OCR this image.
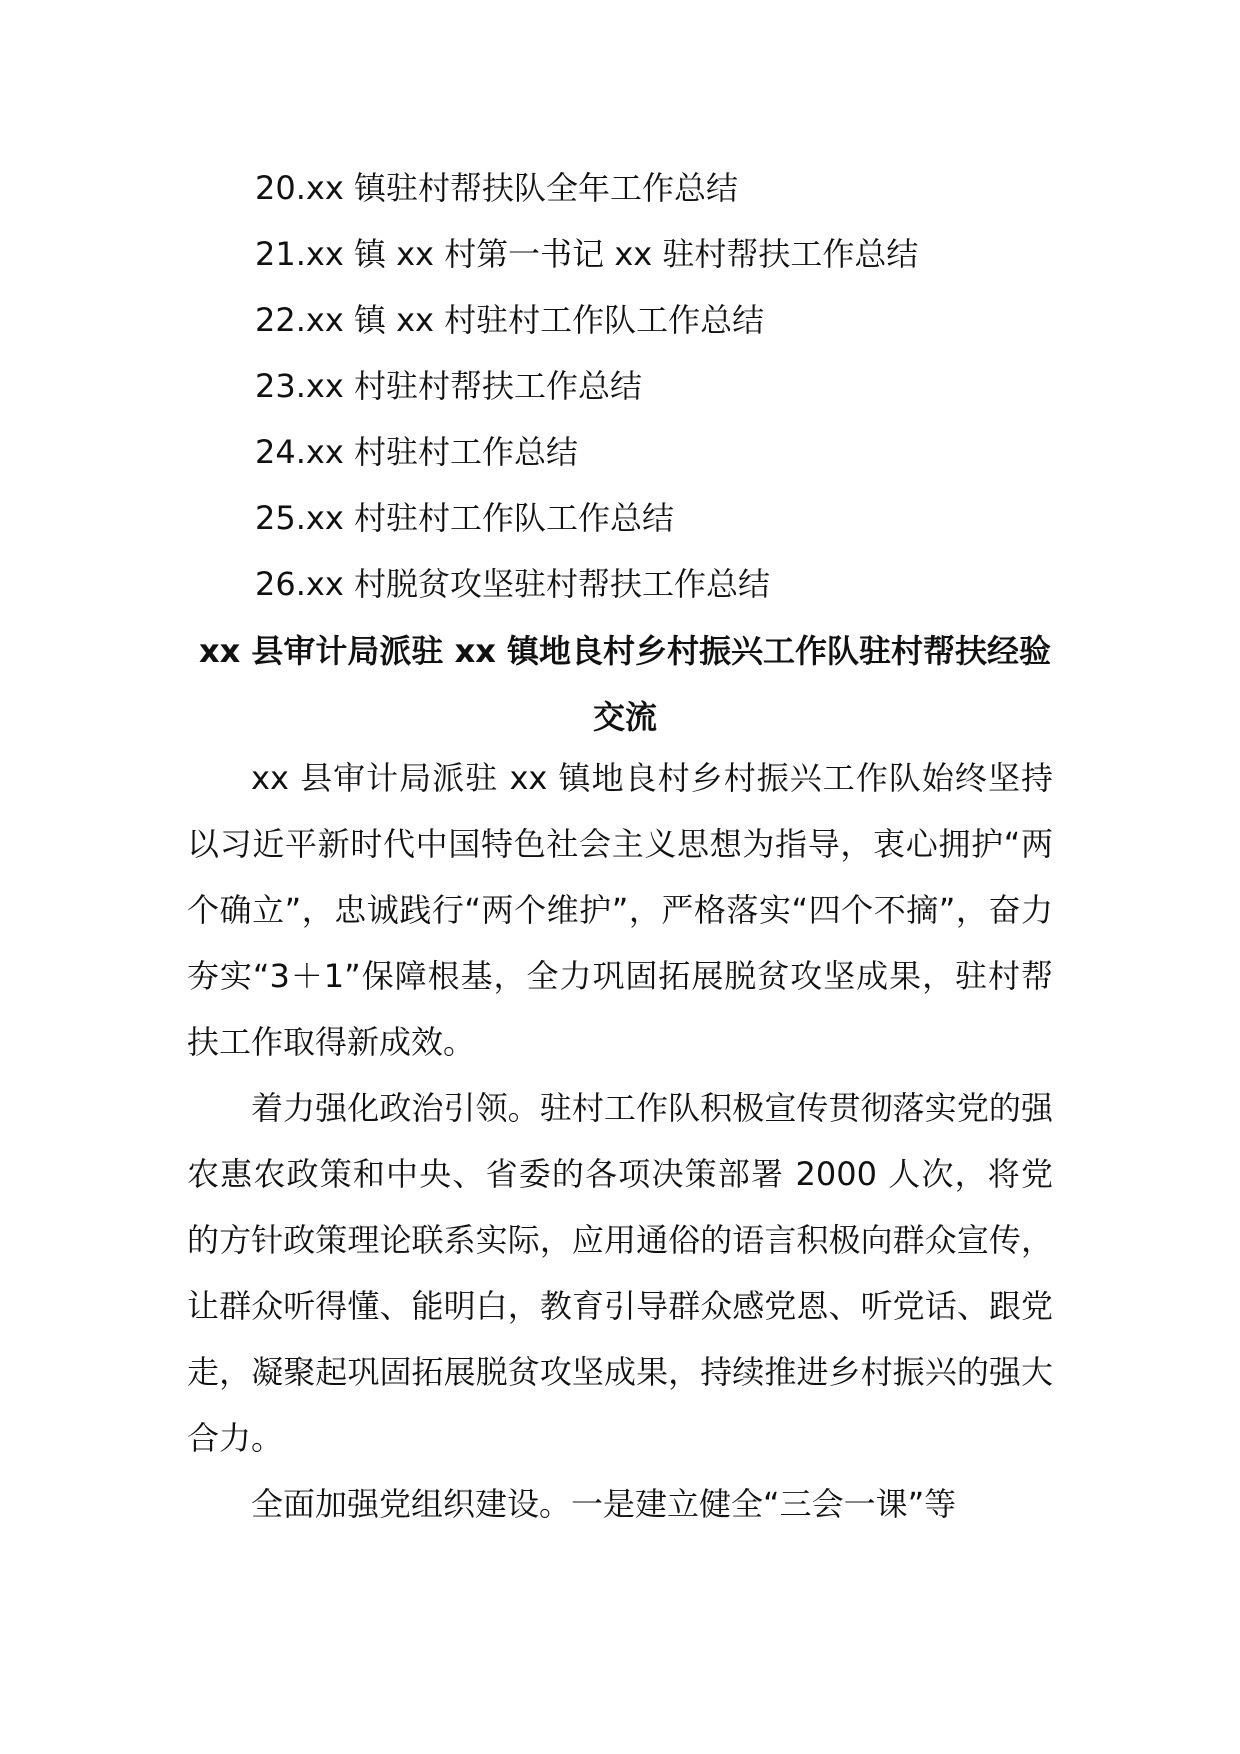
20.xx 镇驻村帮扶队全年工作总结
21.xx 镇 xx 村第一书记 xx 驻村帮扶工作总结
22.xx 镇 xx 村驻村工作队工作总结
23.xx 村驻村帮扶工作总结
24.xx 村驻村工作总结
25.xx 村驻村工作队工作总结
26.xx 村脱贫攻坚驻村帮扶工作总结
xx 县审计局派驻 xx 镇地良村乡村振兴工作队驻村帮扶经验交流

xx 县审计局派驻 xx 镇地良村乡村振兴工作队始终坚持以习近平新时代中国特色社会主义思想为指导，衷心拥护“两个确立”，忠诚践行“两个维护”，严格落实“四个不摘”，奋力夯实“3＋1”保障根基，全力巩固拓展脱贫攻坚成果，驻村帮扶工作取得新成效。

着力强化政治引领。驻村工作队积极宣传贯彻落实党的强农惠农政策和中央、省委的各项决策部署 2000 人次，将党的方针政策理论联系实际，应用通俗的语言积极向群众宣传，让群众听得懂、能明白，教育引导群众感党恩、听党话、跟党走，凝聚起巩固拓展脱贫攻坚成果，持续推进乡村振兴的强大合力。

全面加强党组织建设。一是建立健全“三会一课”等
